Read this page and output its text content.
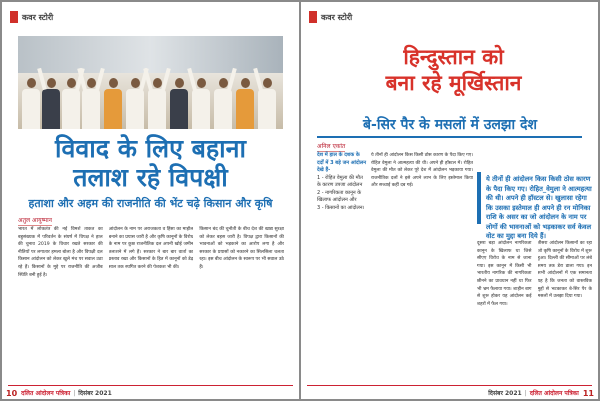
कवर स्टोरी
विवाद के लिए बहाना
तलाश रहे विपक्षी
हताशा और अहम की राजनीति की भेंट चढ़े किसान और कृषि
अतुल आयुष्मान
भारत में लोकतंत्र की नई विमर्श ताकत का बहुसंख्यक में परिवर्तन के संघर्ष में विपक्ष ने हाल की चुनाव 2019 के विचार रखते सरकार की नीतियों पर लगातार हमला बोला है और विपक्षी दल किसान आंदोलन को लेकर खुले मंच पर सवाल उठा रहे हैं। किसानों के मुद्दे पर राजनीति की अजीब स्थिति बनी हुई है।
आंदोलन के नाम पर अराजकता व हिंसा का माहौल बनाने का प्रयास जारी है और कृषि कानूनों के विरोध के नाम पर कुछ राजनीतिक दल अपनी खोई जमीन तलाशने में लगे हैं। सरकार ने बार बार वार्ता का प्रस्ताव रखा और किसानों के हित में कानूनों को डेढ़ साल तक स्थगित करने की पेशकश भी की।
किसान बंद की चुनौती के बीच देश की खाद्य सुरक्षा को लेकर बहस जारी है। विपक्ष द्वारा किसानों की भावनाओं को भड़काने का आरोप लगा है और सरकार के प्रयासों को नकारने का सिलसिला चलता रहा। इस बीच आंदोलन के स्वरूप पर भी सवाल उठे हैं।
10 दलित आंदोलन पत्रिका | दिसंबर 2021
कवर स्टोरी
हिन्दुस्तान को
बना रहे मूर्खिस्तान
बे-सिर पैर के मसलों में उलझा देश
अनिल एकांत
देश में हाल के दशक के दर्दों में 3 बड़े जन आंदोलन देखे हैं-
1 - रोहित वेमुला की मौत के कारण उपजा आंदोलन
2 - नागरिकता कानून के खिलाफ आंदोलन और
3 - किसानों का आंदोलन।
ये तीनों ही आंदोलन किस किसी ठोस कारण के पैदा किए गए। रोहित वेमुला ने आत्महत्या की थी। अपने ही हॉस्टल में। रोहित वेमुला की मौत को लेकर पूरे देश में आंदोलन भड़काया गया। राजनीतिक दलों ने इसे अपने लाभ के लिए इस्तेमाल किया और सच्चाई कहीं दब गई।
ये तीनों ही आंदोलन किस किसी ठोस कारण के पैदा किए गए। रोहित_वेमुला ने आत्महत्या की थी। अपने ही हॉस्टल से। खुलासा रहेगा कि उसका इस्तेमाल ही अपने ही रन मोनिका राशि के असर का जो आंदोलन के नाम पर लोगों की भावनाओं को भड़काकर सर्व केवल वोट का मुद्दा बना दिये हैं।
दूसरा बड़ा आंदोलन नागरिकता कानून के खिलाफ था जिसे सीएए विरोध के नाम से जाना गया। इस कानून में किसी भी भारतीय नागरिक की नागरिकता छीनने का प्रावधान नहीं था फिर भी भ्रम फैलाया गया। शाहीन बाग से शुरू होकर यह आंदोलन कई शहरों में फैल गया।
तीसरा आंदोलन किसानों का रहा जो कृषि कानूनों के विरोध में शुरू हुआ। दिल्ली की सीमाओं पर लंबे समय तक डेरा डाला गया। इन सभी आंदोलनों में एक समानता यह है कि जनता को वास्तविक मुद्दों से भटकाकर बे-सिर पैर के मसलों में उलझा दिया गया।
दिसंबर 2021 | दलित आंदोलन पत्रिका 11
